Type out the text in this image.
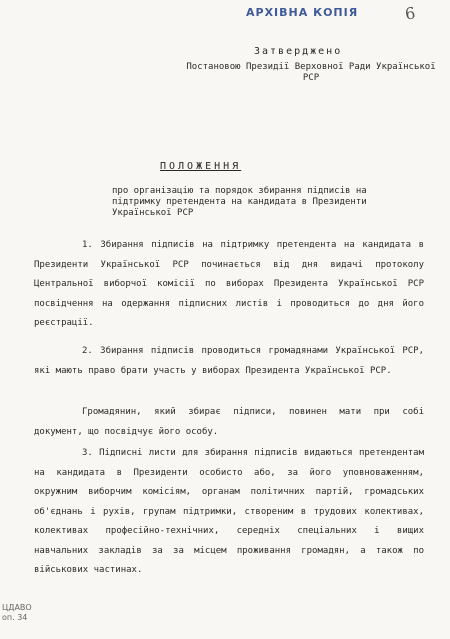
АРХІВНА КОПІЯ	6
Затверджено
Постановою Президії Верховної Ради Української РСР
ПОЛОЖЕННЯ
про організацію та порядок збирання підписів на підтримку претендента на кандидата в Президенти Української РСР
1. Збирання підписів на підтримку претендента на кандидата в Президенти Української РСР починається від дня видачі протоколу Центральної виборчої комісії по виборах Президента Української РСР посвідчення на одержання підписних листів і проводиться до дня його реєстрації.
2. Збирання підписів проводиться громадянами Української РСР, які мають право брати участь у виборах Президента Української РСР.
Громадянин, який збирає підписи, повинен мати при собі документ, що посвідчує його особу.
3. Підписні листи для збирання підписів видаються претендентам на кандидата в Президенти особисто або, за його уповноваженням, окружним виборчим комісіям, органам політичних партій, громадських об'єднань і рухів, групам підтримки, створеним в трудових колективах, колективах професійно-технічних, середніх спеціальних і вищих навчальних закладів за за місцем проживання громадян, а також по військових частинах.
ЦДАВО
оп. 34
